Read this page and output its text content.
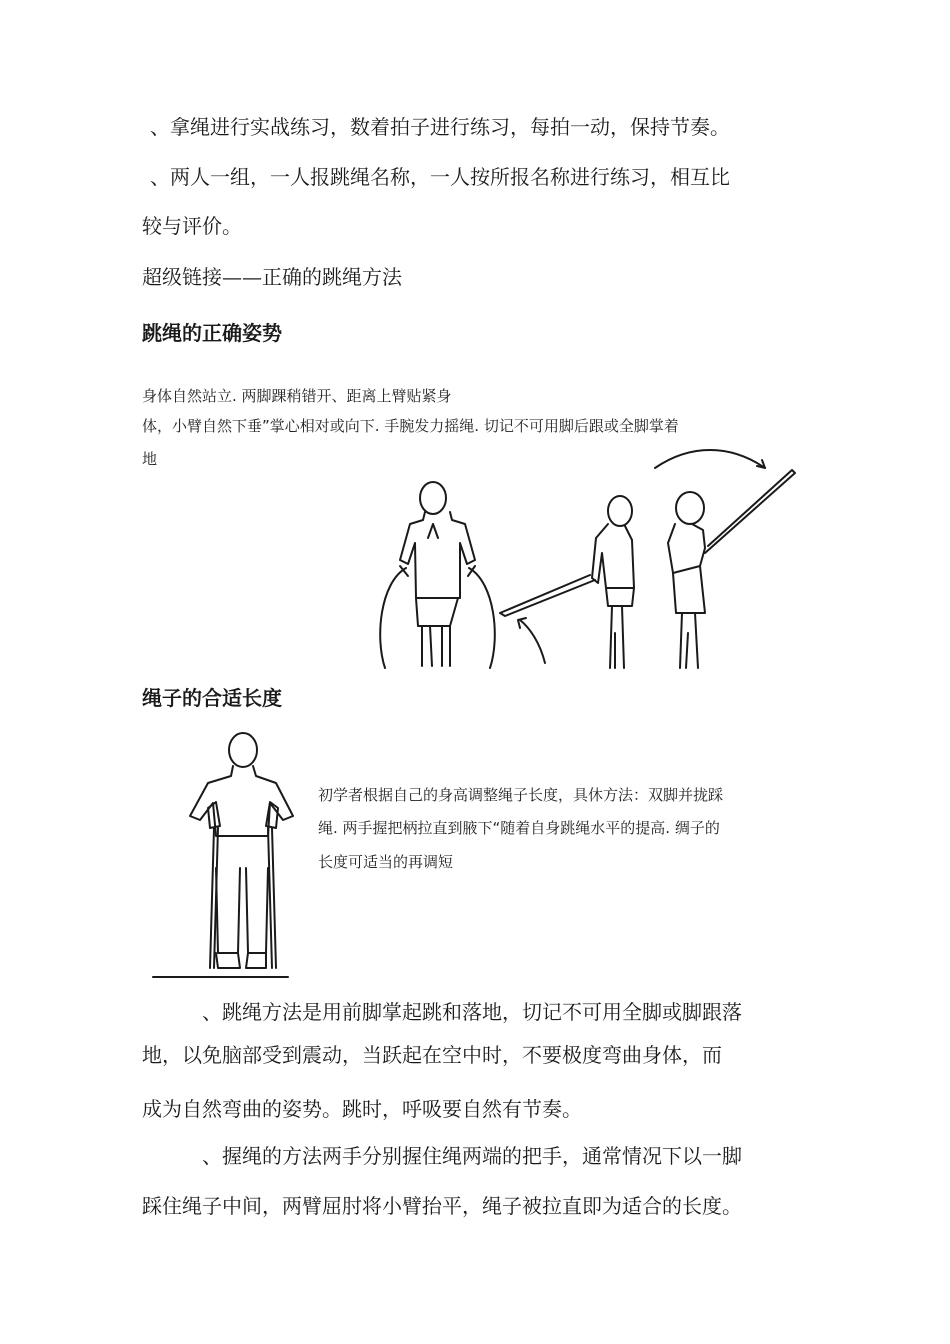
、拿绳进行实战练习，数着拍子进行练习，每拍一动，保持节奏。
、两人一组，一人报跳绳名称，一人按所报名称进行练习，相互比
较与评价。
超级链接——正确的跳绳方法
跳绳的正确姿势
身体自然站立. 两脚踝稍错开、距离上臂贴紧身
体，小臂自然下垂”掌心相对或向下. 手腕发力摇绳. 切记不可用脚后跟或全脚掌着
地
绳子的合适长度
初学者根据自己的身高调整绳子长度，具休方法：双脚并拢踩
绳. 两手握把柄拉直到腋下“随着自身跳绳水平的提高. 绸子的
长度可适当的再调短
、跳绳方法是用前脚掌起跳和落地，切记不可用全脚或脚跟落
地，以免脑部受到震动，当跃起在空中时，不要极度弯曲身体，而
成为自然弯曲的姿势。跳时，呼吸要自然有节奏。
、握绳的方法两手分别握住绳两端的把手，通常情况下以一脚
踩住绳子中间，两臂屈肘将小臂抬平，绳子被拉直即为适合的长度。
